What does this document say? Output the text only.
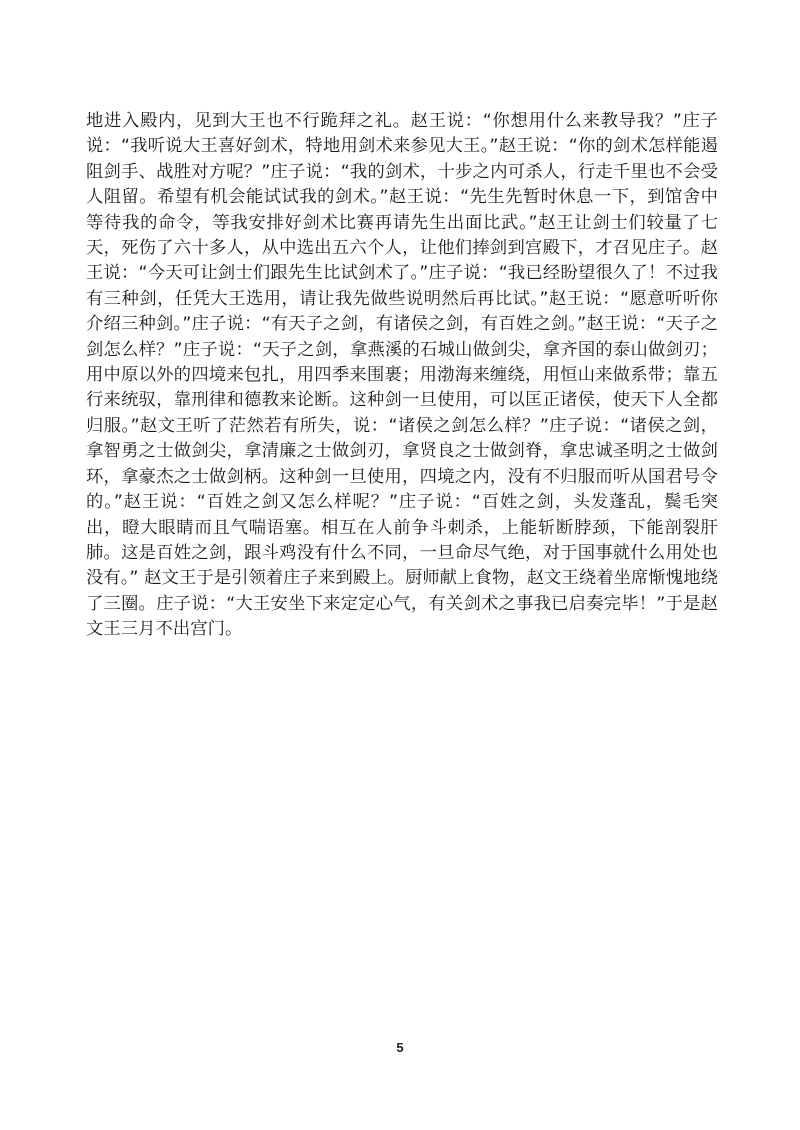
地进入殿内，见到大王也不行跪拜之礼。赵王说：“你想用什么来教导我？”庄子说：“我听说大王喜好剑术，特地用剑术来参见大王。”赵王说：“你的剑术怎样能遏阻剑手、战胜对方呢？”庄子说：“我的剑术，十步之内可杀人，行走千里也不会受人阻留。希望有机会能试试我的剑术。”赵王说：“先生先暂时休息一下，到馆舍中等待我的命令，等我安排好剑术比赛再请先生出面比武。”赵王让剑士们较量了七天，死伤了六十多人，从中选出五六个人，让他们捧剑到宫殿下，才召见庄子。赵王说：“今天可让剑士们跟先生比试剑术了。”庄子说：“我已经盼望很久了！不过我有三种剑，任凭大王选用，请让我先做些说明然后再比试。”赵王说：“愿意听听你介绍三种剑。”庄子说：“有天子之剑，有诸侯之剑，有百姓之剑。”赵王说：“天子之剑怎么样？”庄子说：“天子之剑，拿燕溪的石城山做剑尖，拿齐国的泰山做剑刃；用中原以外的四境来包扎，用四季来围裹；用渤海来缠绕，用恒山来做系带；靠五行来统驭，靠刑律和德教来论断。这种剑一旦使用，可以匡正诸侯，使天下人全都归服。”赵文王听了茫然若有所失，说：“诸侯之剑怎么样？”庄子说：“诸侯之剑，拿智勇之士做剑尖，拿清廉之士做剑刃，拿贤良之士做剑脊，拿忠诚圣明之士做剑环，拿豪杰之士做剑柄。这种剑一旦使用，四境之内，没有不归服而听从国君号令的。”赵王说：“百姓之剑又怎么样呢？”庄子说：“百姓之剑，头发蓬乱，鬓毛突出，瞪大眼睛而且气喘语塞。相互在人前争斗刺杀，上能斩断脖颈，下能剖裂肝肺。这是百姓之剑，跟斗鸡没有什么不同，一旦命尽气绝，对于国事就什么用处也没有。” 赵文王于是引领着庄子来到殿上。厨师献上食物，赵文王绕着坐席惭愧地绕了三圈。庄子说：“大王安坐下来定定心气，有关剑术之事我已启奏完毕！”于是赵文王三月不出宫门。

5
